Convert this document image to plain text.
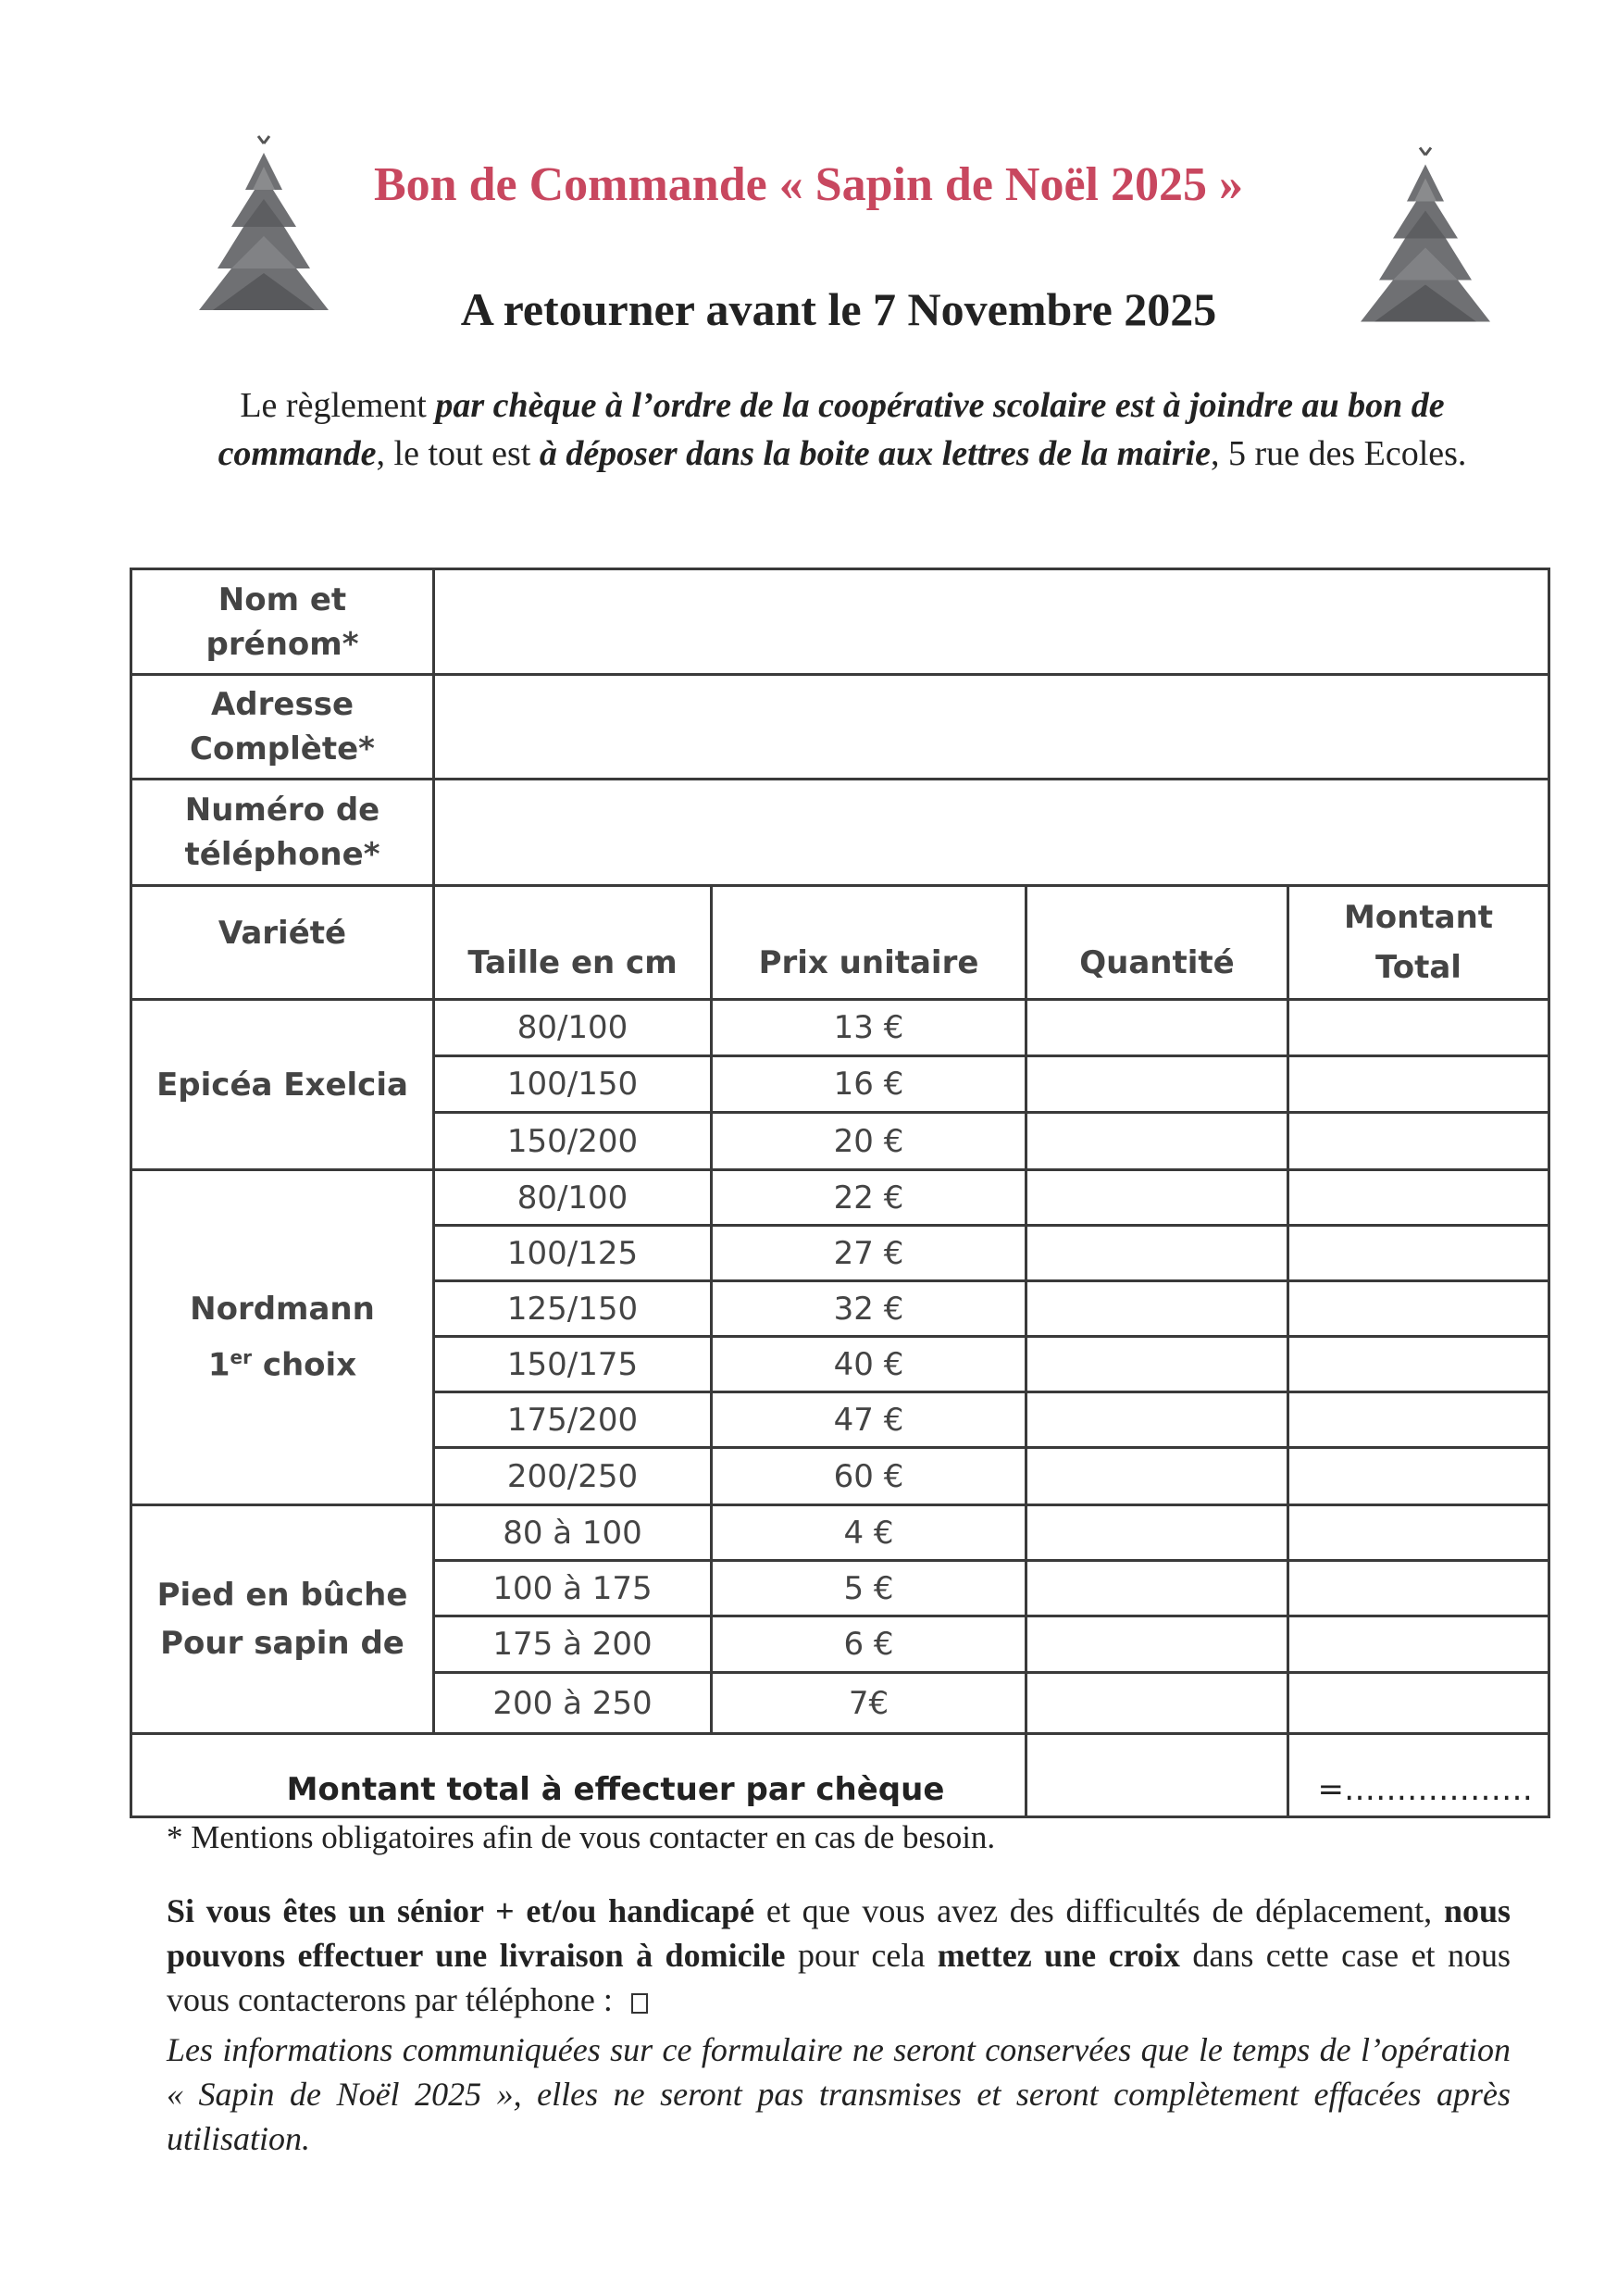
Bon de Commande « Sapin de Noël 2025 »
A retourner avant le 7 Novembre 2025
Le règlement par chèque à l’ordre de la coopérative scolaire est à joindre au bon de commande, le tout est à déposer dans la boite aux lettres de la mairie, 5 rue des Ecoles.
Nom et
prénom*				
Adresse
Complète*				
Numéro de
téléphone*				
Variété	Taille en cm	Prix unitaire	Quantité	Montant
Total
Epicéa Exelcia	80/100	13 €		
	100/150	16 €		
	150/200	20 €		
Nordmann
1er choix	80/100	22 €		
	100/125	27 €		
	125/150	32 €		
	150/175	40 €		
	175/200	47 €		
	200/250	60 €		
Pied en bûche
Pour sapin de	80 à 100	4 €		
	100 à 175	5 €		
	175 à 200	6 €		
	200 à 250	7€		
Montant total à effectuer par chèque				=………………
* Mentions obligatoires afin de vous contacter en cas de besoin.
Si vous êtes un sénior + et/ou handicapé et que vous avez des difficultés de déplacement, nous pouvons effectuer une livraison à domicile pour cela mettez une croix dans cette case et nous vous contacterons par téléphone :
Les informations communiquées sur ce formulaire ne seront conservées que le temps de l’opération « Sapin de Noël 2025 », elles ne seront pas transmises et seront complètement effacées après utilisation.
